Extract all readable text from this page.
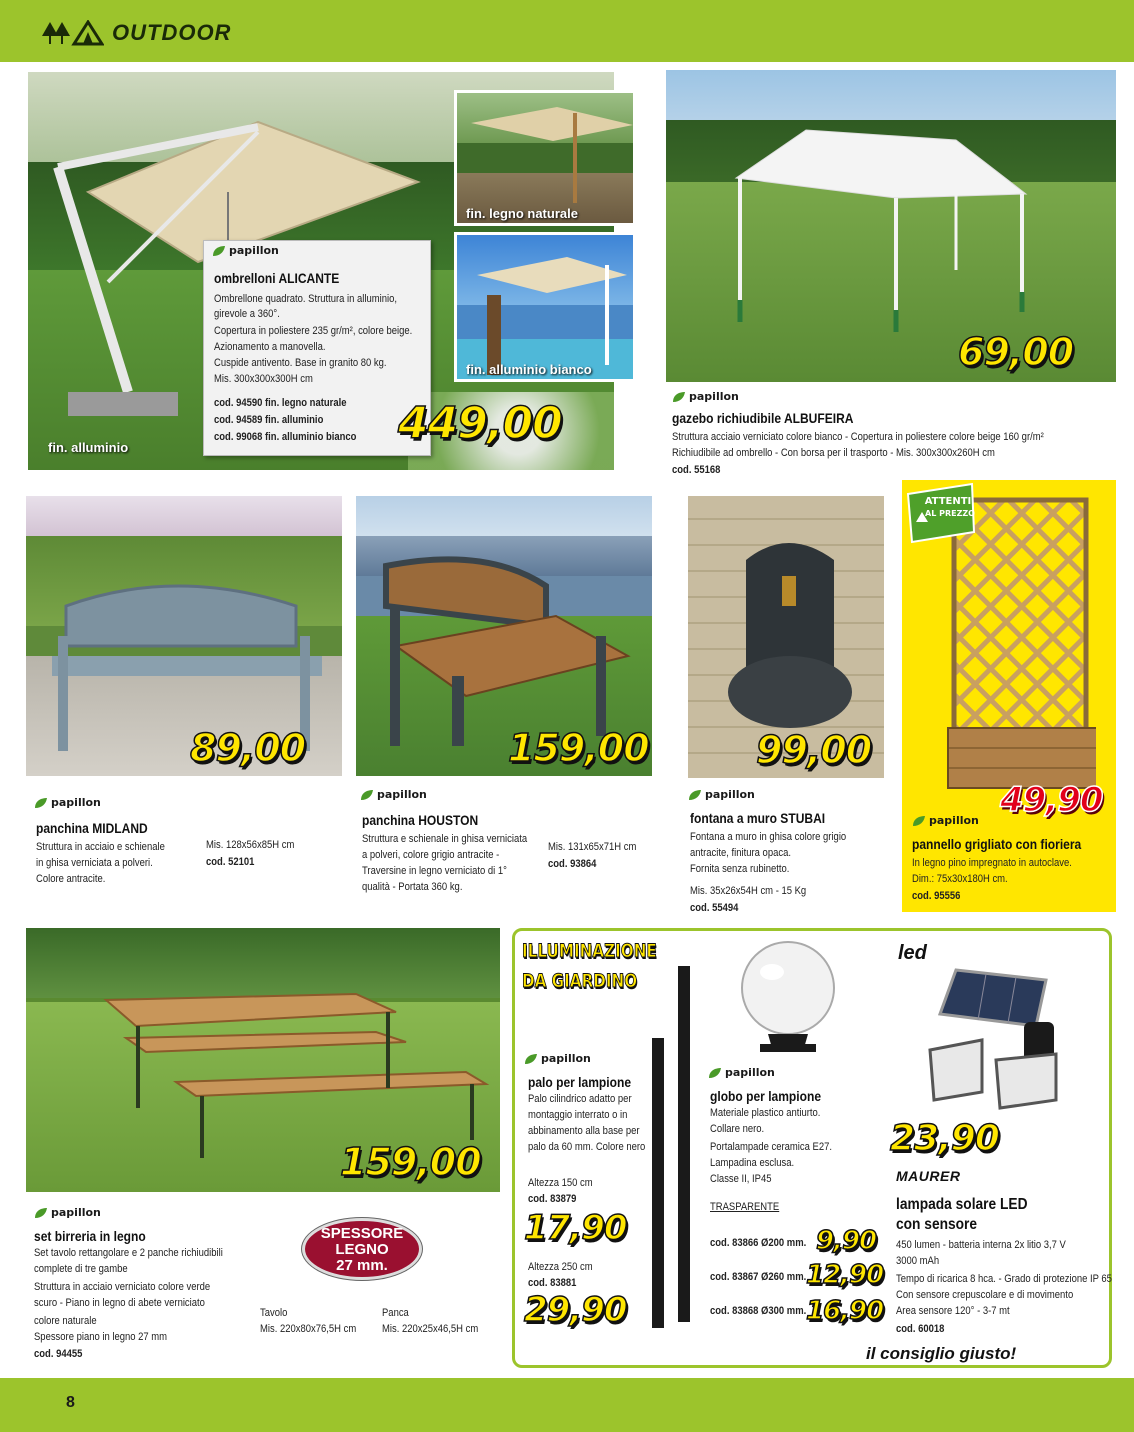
OUTDOOR
fin. legno naturale
fin. alluminio bianco
fin. alluminio
papillon
ombrelloni ALICANTE
Ombrellone quadrato. Struttura in alluminio,
girevole a 360°.
Copertura in poliestere 235 gr/m², colore beige.
Azionamento a manovella.
Cuspide antivento. Base in granito 80 kg.
Mis. 300x300x300H cm
cod. 94590 fin. legno naturale
cod. 94589 fin. alluminio
cod. 99068 fin. alluminio bianco 449,00
69,00
papillon
gazebo richiudibile ALBUFEIRA
Struttura acciaio verniciato colore bianco - Copertura in poliestere colore beige 160 gr/m²
Richiudibile ad ombrello - Con borsa per il trasporto - Mis. 300x300x260H cm
cod. 55168
89,00
papillon
panchina MIDLAND
Struttura in acciaio e schienale
in ghisa verniciata a polveri.
Colore antracite.
Mis. 128x56x85H cm
cod. 52101
159,00
papillon
panchina HOUSTON
Struttura e schienale in ghisa verniciata
a polveri, colore grigio antracite -
Traversine in legno verniciato di 1°
qualità - Portata 360 kg.
Mis. 131x65x71H cm
cod. 93864
99,00
papillon
fontana a muro STUBAI
Fontana a muro in ghisa colore grigio
antracite, finitura opaca.
Fornita senza rubinetto.
Mis. 35x26x54H cm - 15 Kg
cod. 55494
ATTENTI
AL PREZZO
49,90
papillon
pannello grigliato con fioriera
In legno pino impregnato in autoclave.
Dim.: 75x30x180H cm.
cod. 95556
159,00
papillon
set birreria in legno
Set tavolo rettangolare e 2 panche richiudibili
complete di tre gambe
Struttura in acciaio verniciato colore verde
scuro - Piano in legno di abete verniciato
colore naturale
Spessore piano in legno 27 mm
cod. 94455
SPESSORE
LEGNO
27 mm.
Tavolo
Mis. 220x80x76,5H cm
Panca
Mis. 220x25x46,5H cm
ILLUMINAZIONE
DA GIARDINO
led
papillon
palo per lampione
Palo cilindrico adatto per
montaggio interrato o in
abbinamento alla base per
palo da 60 mm. Colore nero
Altezza 150 cm
cod. 83879
17,90
Altezza 250 cm
cod. 83881
29,90
papillon
globo per lampione
Materiale plastico antiurto.
Collare nero.
Portalampade ceramica E27.
Lampadina esclusa.
Classe II, IP45
TRASPARENTE
cod. 83866 Ø200 mm. 9,90
cod. 83867 Ø260 mm. 12,90
cod. 83868 Ø300 mm. 16,90
23,90
MAURER
lampada solare LED
con sensore
450 lumen - batteria interna 2x litio 3,7 V
3000 mAh
Tempo di ricarica 8 hca. - Grado di protezione IP 65
Con sensore crepuscolare e di movimento
Area sensore 120° - 3-7 mt
cod. 60018
il consiglio giusto!
8
